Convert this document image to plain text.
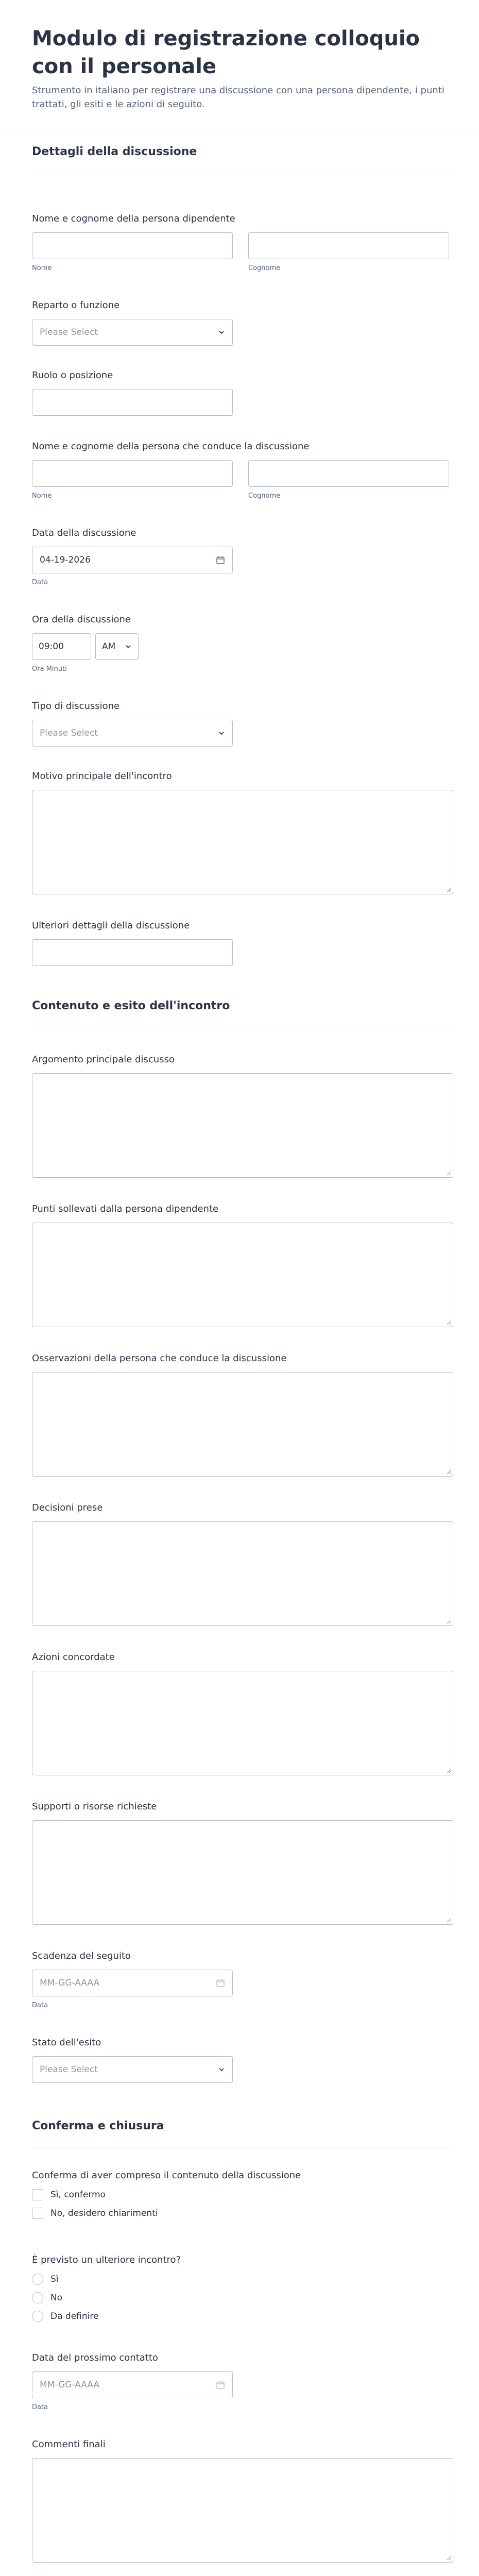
Modulo di registrazione colloquio con il personale

Strumento in italiano per registrare una discussione con una persona dipendente, i punti trattati, gli esiti e le azioni di seguito.

Dettagli della discussione
Nome e cognome della persona dipendente
Nome	Cognome
Reparto o funzione
Please Select
Ruolo o posizione
Nome e cognome della persona che conduce la discussione
Nome	Cognome
Data della discussione
04-19-2026
Data
Ora della discussione
09:00	AM
Ora Minuti
Tipo di discussione
Please Select
Motivo principale dell'incontro
Ulteriori dettagli della discussione
Contenuto e esito dell'incontro
Argomento principale discusso
Punti sollevati dalla persona dipendente
Osservazioni della persona che conduce la discussione
Decisioni prese
Azioni concordate
Supporti o risorse richieste
Scadenza del seguito
MM-GG-AAAA
Data
Stato dell'esito
Please Select
Conferma e chiusura
Conferma di aver compreso il contenuto della discussione
Sì, confermo
No, desidero chiarimenti
È previsto un ulteriore incontro?
Sì
No
Da definire
Data del prossimo contatto
MM-GG-AAAA
Data
Commenti finali
